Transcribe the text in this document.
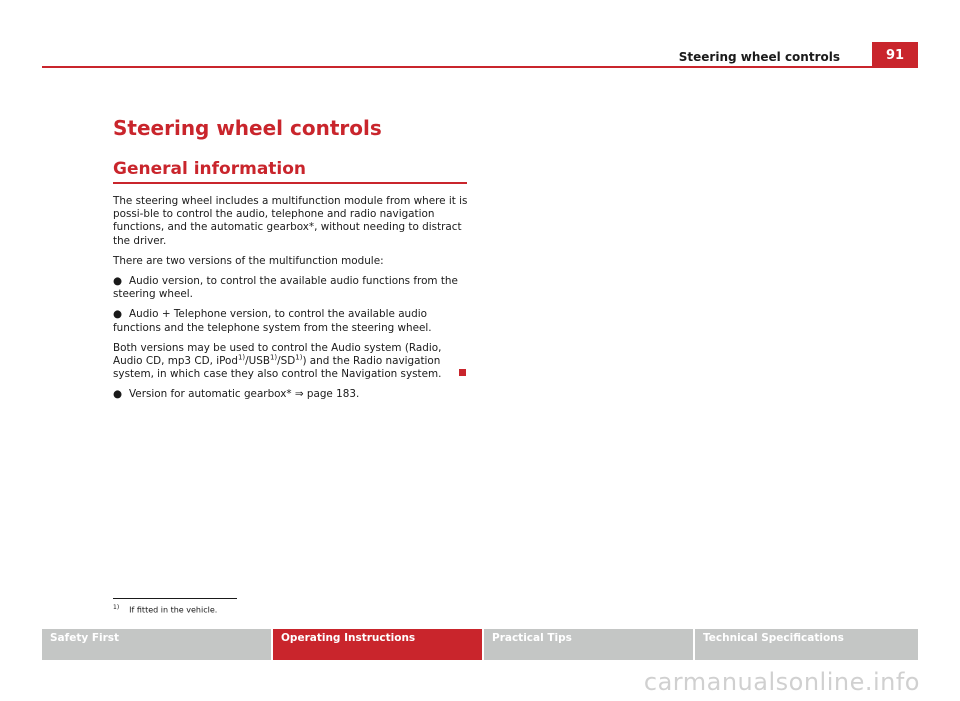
Steering wheel controls	91
Steering wheel controls
General information

The steering wheel includes a multifunction module from where it is possi-ble to control the audio, telephone and radio navigation functions, and the automatic gearbox*, without needing to distract the driver.

There are two versions of the multifunction module:

● Audio version, to control the available audio functions from the steering wheel.

● Audio + Telephone version, to control the available audio functions and the telephone system from the steering wheel.

Both versions may be used to control the Audio system (Radio, Audio CD, mp3 CD, iPod$^{1)}$/USB$^{1)}$/SD$^{1)}$) and the Radio navigation system, in which case they also control the Navigation system.

● Version for automatic gearbox* ⇒ page 183.

$^{1)}$ If fitted in the vehicle.
Safety First	Operating Instructions	Practical Tips	Technical Specifications
carmanualsonline.info
